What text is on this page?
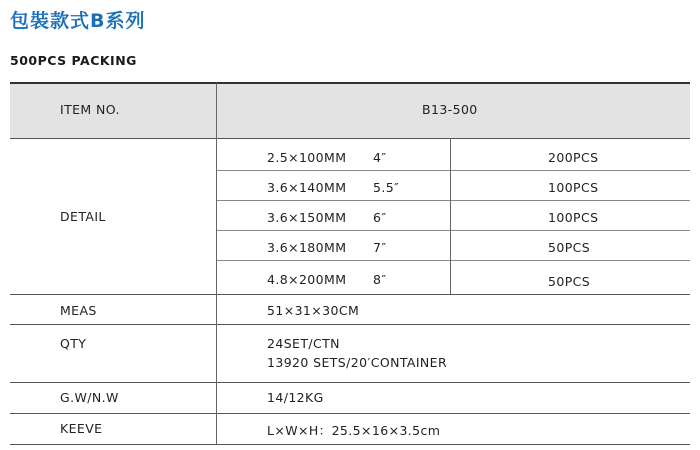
包裝款式B系列
500PCS PACKING
ITEM NO.	B13-500
DETAIL
2.5×100MM 4″	200PCS
3.6×140MM 5.5″	100PCS
3.6×150MM 6″	100PCS
3.6×180MM 7″	50PCS
4.8×200MM 8″	50PCS
MEAS	51×31×30CM
QTY	24SET/CTN
13920 SETS/20′CONTAINER
G.W/N.W	14/12KG
KEEVE	L×W×H：25.5×16×3.5cm
